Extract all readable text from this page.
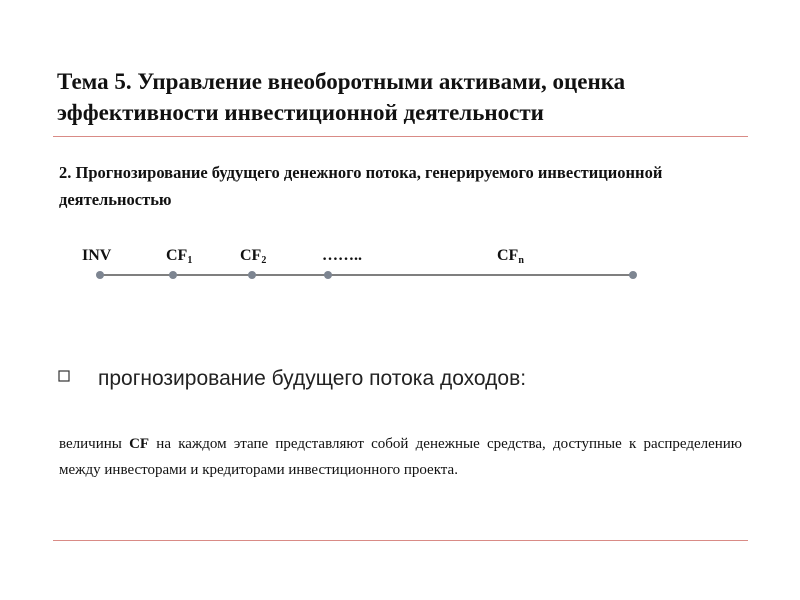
Тема 5. Управление внеоборотными активами, оценка эффективности инвестиционной деятельности
2. Прогнозирование будущего денежного потока, генерируемого инвестиционной деятельностью
INV	$CF_1$	$CF_2$	……..	$CF_n$
прогнозирование будущего потока доходов:
величины CF на каждом этапе представляют собой денежные средства, доступные к распределению между инвесторами и кредиторами инвестиционного проекта.
